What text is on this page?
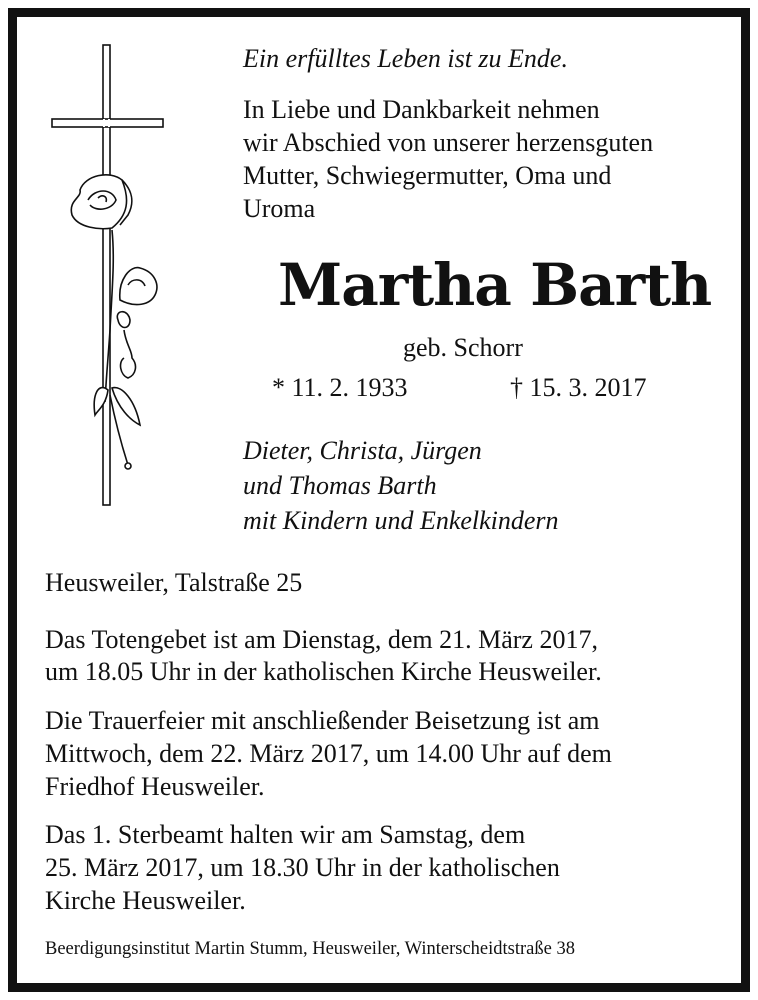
Ein erfülltes Leben ist zu Ende.
In Liebe und Dankbarkeit nehmen
wir Abschied von unserer herzensguten
Mutter, Schwiegermutter, Oma und
Uroma
Martha Barth
geb. Schorr
* 11. 2. 1933	† 15. 3. 2017
Dieter, Christa, Jürgen
und Thomas Barth
mit Kindern und Enkelkindern
Heusweiler, Talstraße 25
Das Totengebet ist am Dienstag, dem 21. März 2017,
um 18.05 Uhr in der katholischen Kirche Heusweiler.
Die Trauerfeier mit anschließender Beisetzung ist am
Mittwoch, dem 22. März 2017, um 14.00 Uhr auf dem
Friedhof Heusweiler.
Das 1. Sterbeamt halten wir am Samstag, dem
25. März 2017, um 18.30 Uhr in der katholischen
Kirche Heusweiler.
Beerdigungsinstitut Martin Stumm, Heusweiler, Winterscheidtstraße 38
